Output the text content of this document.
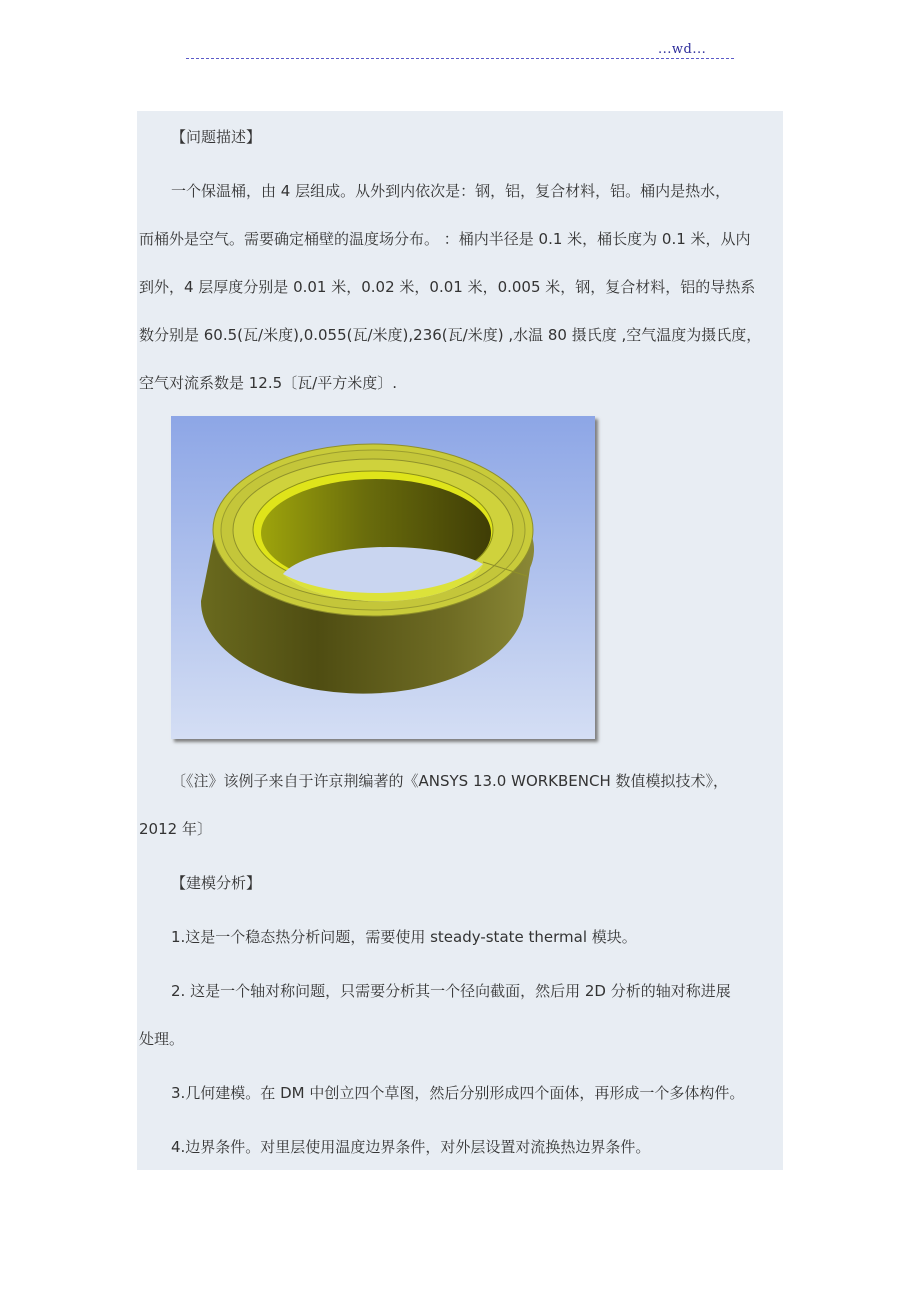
...wd...
【问题描述】
一个保温桶，由 4 层组成。从外到内依次是：钢，铝，复合材料，铝。桶内是热水，
而桶外是空气。需要确定桶壁的温度场分布。 ：桶内半径是 0.1 米，桶长度为 0.1 米，从内
到外，4 层厚度分别是 0.01 米，0.02 米，0.01 米，0.005 米，钢，复合材料，铝的导热系
数分别是 60.5(瓦/米度),0.055(瓦/米度),236(瓦/米度) ,水温 80 摄氏度 ,空气温度为摄氏度，
空气对流系数是 12.5〔瓦/平方米度〕.
〔《注》该例子来自于许京荆编著的《ANSYS 13.0 WORKBENCH 数值模拟技术》，
2012 年〕
【建模分析】
1.这是一个稳态热分析问题，需要使用 steady-state thermal 模块。
2. 这是一个轴对称问题，只需要分析其一个径向截面，然后用 2D 分析的轴对称进展
处理。
3.几何建模。在 DM 中创立四个草图，然后分别形成四个面体，再形成一个多体构件。
4.边界条件。对里层使用温度边界条件，对外层设置对流换热边界条件。
